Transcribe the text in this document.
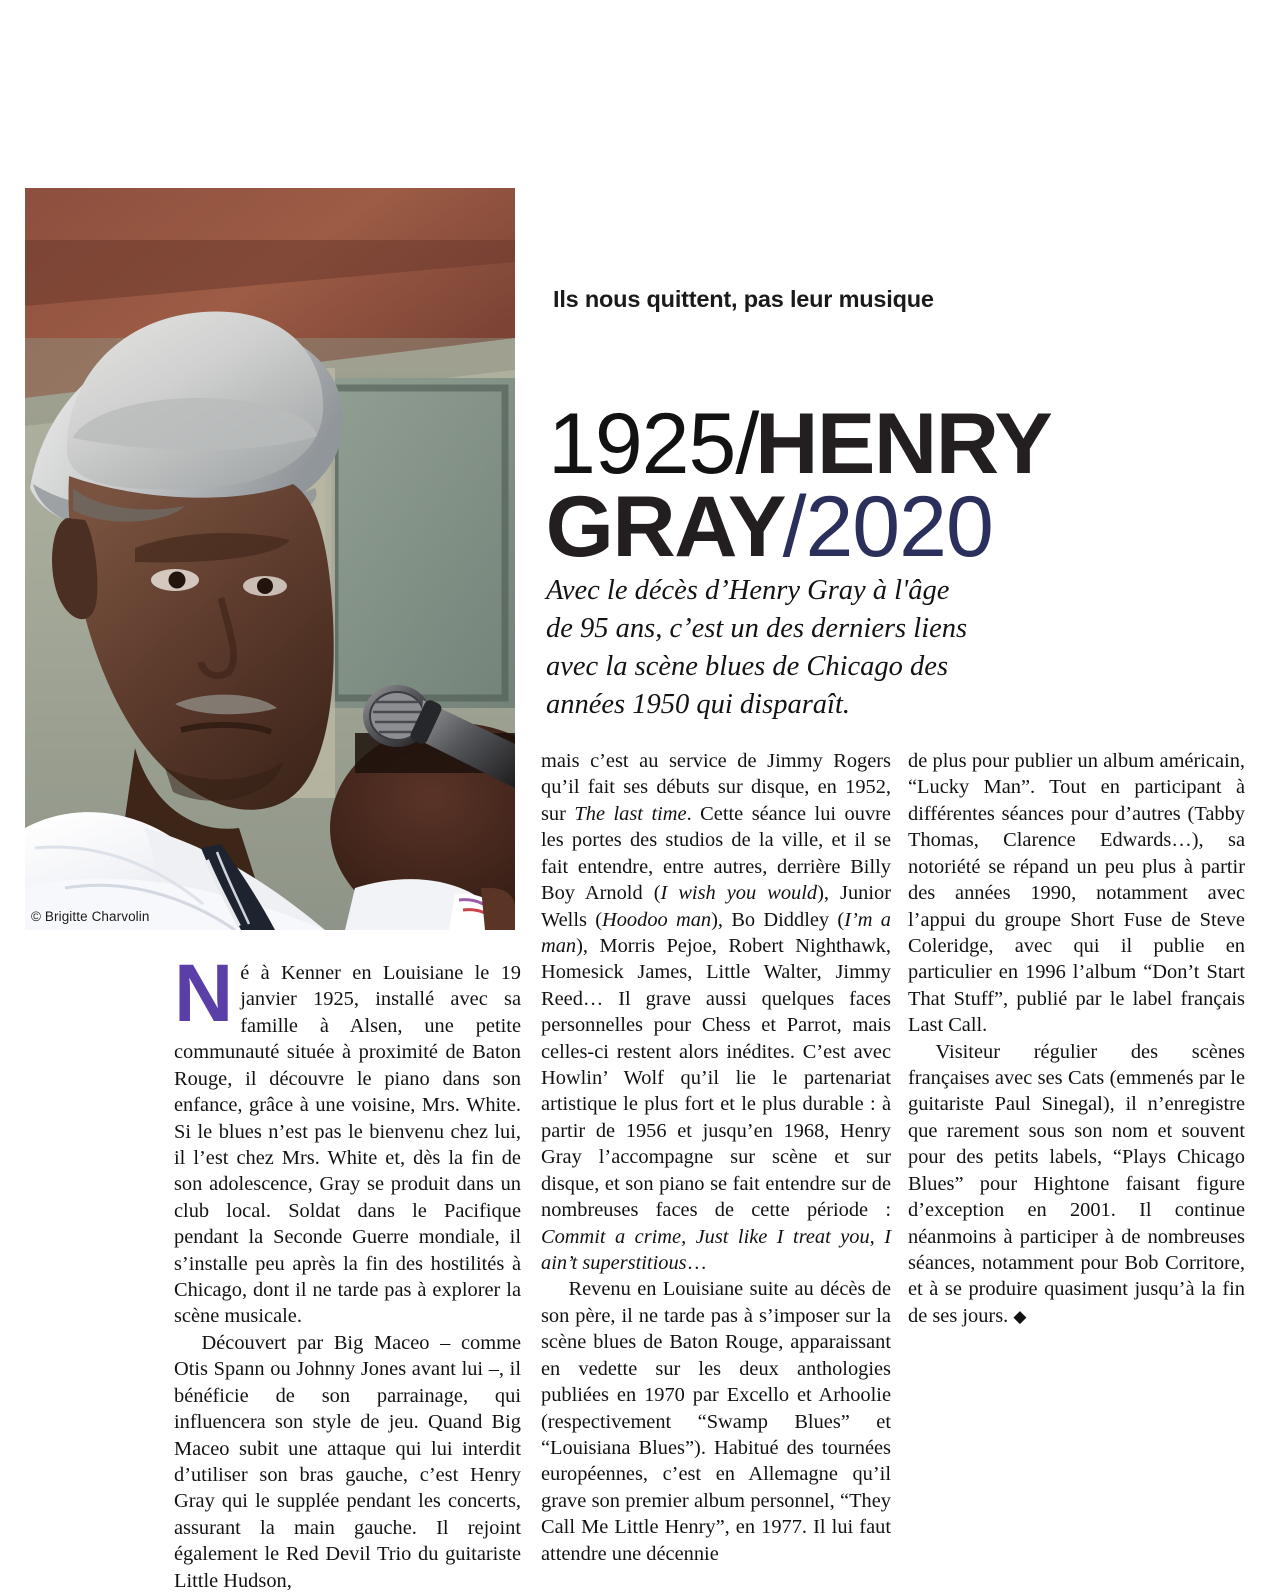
© Brigitte Charvolin
Ils nous quittent, pas leur musique
1925/HENRY
GRAY/2020
Avec le décès d’Henry Gray à l'âge de 95 ans, c’est un des derniers liens avec la scène blues de Chicago des années 1950 qui disparaît.

Né à Kenner en Louisiane le 19 janvier 1925, installé avec sa famille à Alsen, une petite communauté située à proximité de Baton Rouge, il découvre le piano dans son enfance, grâce à une voisine, Mrs. White. Si le blues n’est pas le bienvenu chez lui, il l’est chez Mrs. White et, dès la fin de son adolescence, Gray se produit dans un club local. Soldat dans le Pacifique pendant la Seconde Guerre mondiale, il s’installe peu après la fin des hostilités à Chicago, dont il ne tarde pas à explorer la scène musicale.

Découvert par Big Maceo – comme Otis Spann ou Johnny Jones avant lui –, il bénéficie de son parrainage, qui influencera son style de jeu. Quand Big Maceo subit une attaque qui lui interdit d’utiliser son bras gauche, c’est Henry Gray qui le supplée pendant les concerts, assurant la main gauche. Il rejoint également le Red Devil Trio du guitariste Little Hudson,

mais c’est au service de Jimmy Rogers qu’il fait ses débuts sur disque, en 1952, sur The last time. Cette séance lui ouvre les portes des studios de la ville, et il se fait entendre, entre autres, derrière Billy Boy Arnold (I wish you would), Junior Wells (Hoodoo man), Bo Diddley (I’m a man), Morris Pejoe, Robert Nighthawk, Homesick James, Little Walter, Jimmy Reed… Il grave aussi quelques faces personnelles pour Chess et Parrot, mais celles-ci restent alors inédites. C’est avec Howlin’ Wolf qu’il lie le partenariat artistique le plus fort et le plus durable : à partir de 1956 et jusqu’en 1968, Henry Gray l’accompagne sur scène et sur disque, et son piano se fait entendre sur de nombreuses faces de cette période : Commit a crime, Just like I treat you, I ain’t superstitious…

Revenu en Louisiane suite au décès de son père, il ne tarde pas à s’imposer sur la scène blues de Baton Rouge, apparaissant en vedette sur les deux anthologies publiées en 1970 par Excello et Arhoolie (respectivement “Swamp Blues” et “Louisiana Blues”). Habitué des tournées européennes, c’est en Allemagne qu’il grave son premier album personnel, “They Call Me Little Henry”, en 1977. Il lui faut attendre une décennie

de plus pour publier un album américain, “Lucky Man”. Tout en participant à différentes séances pour d’autres (Tabby Thomas, Clarence Edwards…), sa notoriété se répand un peu plus à partir des années 1990, notamment avec l’appui du groupe Short Fuse de Steve Coleridge, avec qui il publie en particulier en 1996 l’album “Don’t Start That Stuff”, publié par le label français Last Call.

Visiteur régulier des scènes françaises avec ses Cats (emmenés par le guitariste Paul Sinegal), il n’enregistre que rarement sous son nom et souvent pour des petits labels, “Plays Chicago Blues” pour Hightone faisant figure d’exception en 2001. Il continue néanmoins à participer à de nombreuses séances, notamment pour Bob Corritore, et à se produire quasiment jusqu’à la fin de ses jours. ◆
